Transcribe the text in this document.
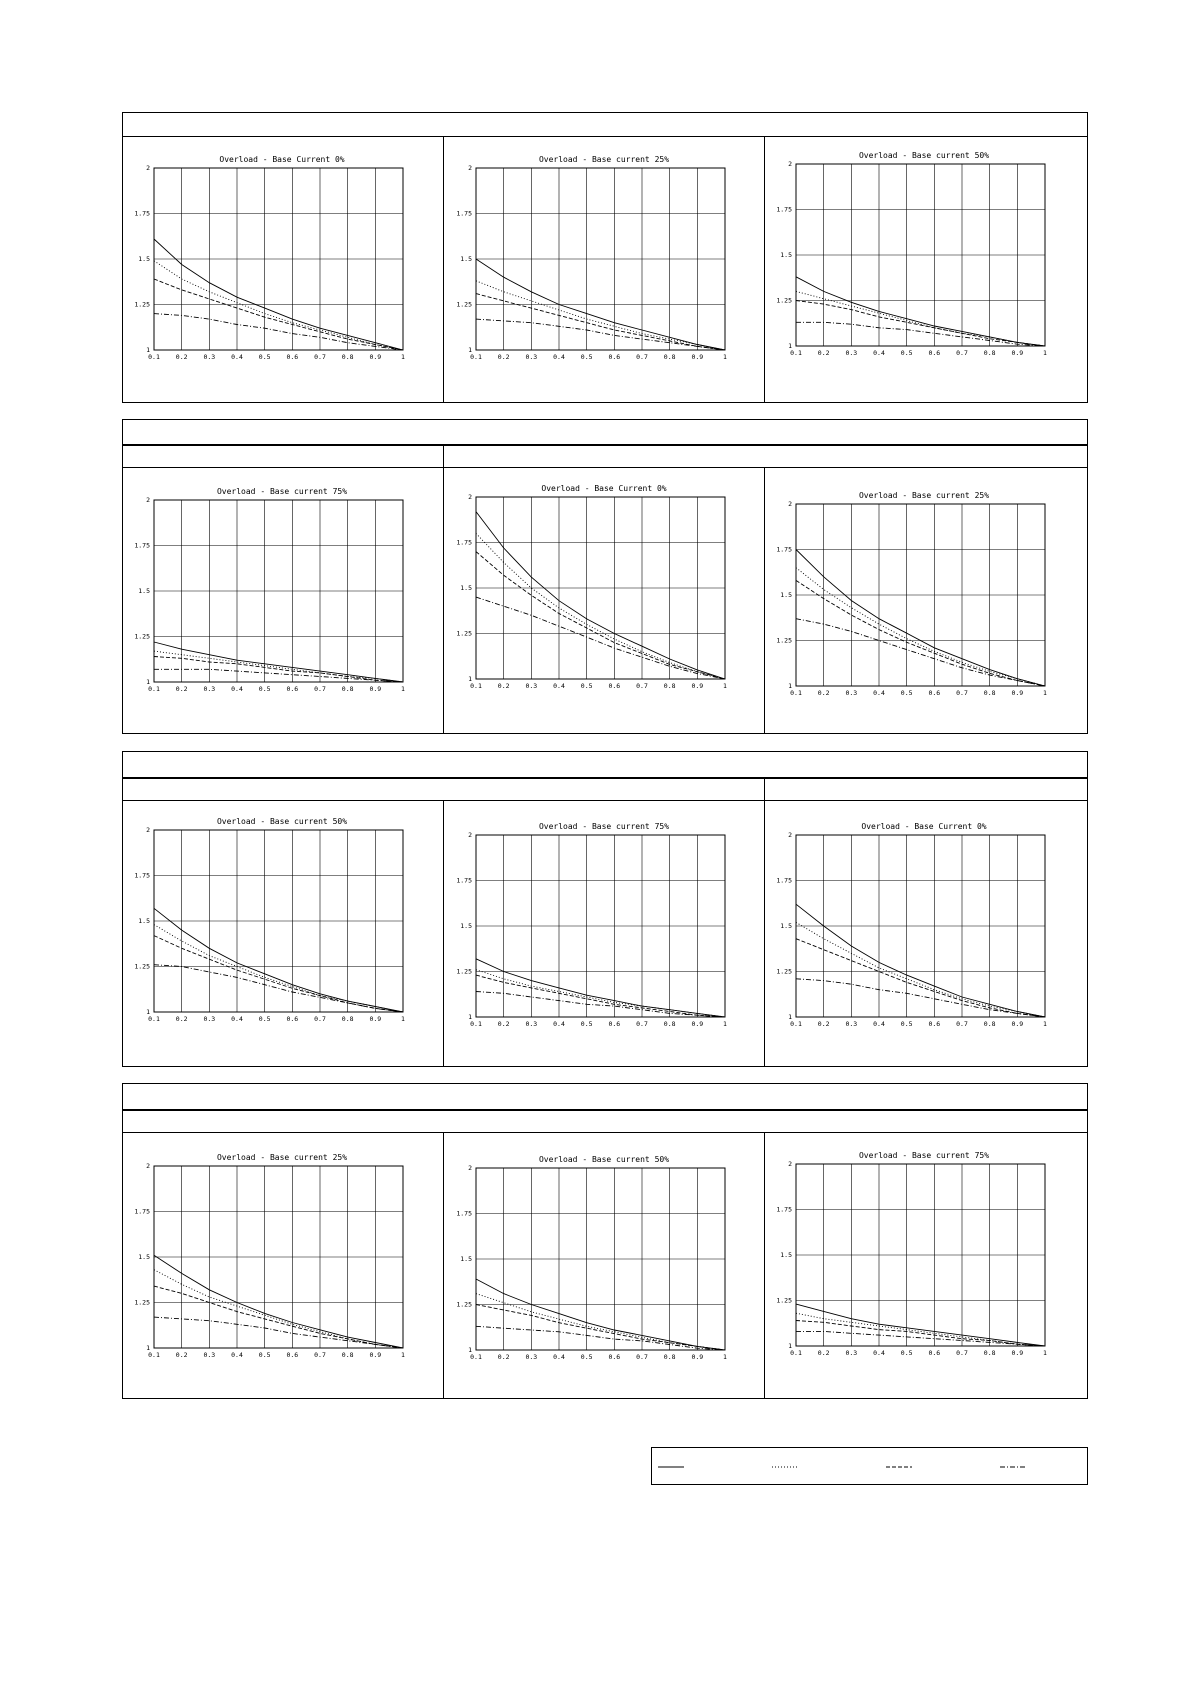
Overload - Base Current 0%
0.1 0.2 0.3 0.4 0.5 0.6 0.7 0.8 0.9	1
1
1.25
1.5
1.75
2
Overload - Base current 25%
0.1 0.2 0.3 0.4 0.5 0.6 0.7 0.8 0.9	1
1
1.25
1.5
1.75
2
Overload - Base current 50%
0.1 0.2 0.3 0.4 0.5 0.6 0.7 0.8 0.9	1
1
1.25
1.5
1.75
2
Overload - Base current 75%
0.1 0.2 0.3 0.4 0.5 0.6 0.7 0.8 0.9	1
1
1.25
1.5
1.75
2
Overload - Base Current 0%
0.1 0.2 0.3 0.4 0.5 0.6 0.7 0.8 0.9	1
1
1.25
1.5
1.75
2	Overload - Base current 25%
0.1 0.2 0.3 0.4 0.5 0.6 0.7 0.8 0.9	1
1
1.25
1.5
1.75
2
Overload - Base current 50%
0.1 0.2 0.3 0.4 0.5 0.6 0.7 0.8 0.9	1
1
1.25
1.5
1.75
2	Overload - Base current 75%
0.1 0.2 0.3 0.4 0.5 0.6 0.7 0.8 0.9	1
1
1.25
1.5
1.75
2
Overload - Base Current 0%
0.1 0.2 0.3 0.4 0.5 0.6 0.7 0.8 0.9	1
1
1.25
1.5
1.75
2
Overload - Base current 25%
0.1 0.2 0.3 0.4 0.5 0.6 0.7 0.8 0.9	1
1
1.25
1.5
1.75
2
Overload - Base current 50%
0.1 0.2 0.3 0.4 0.5 0.6 0.7 0.8 0.9	1
1
1.25
1.5
1.75
2
Overload - Base current 75%
0.1 0.2 0.3 0.4 0.5 0.6 0.7 0.8 0.9	1
1
1.25
1.5
1.75
2
